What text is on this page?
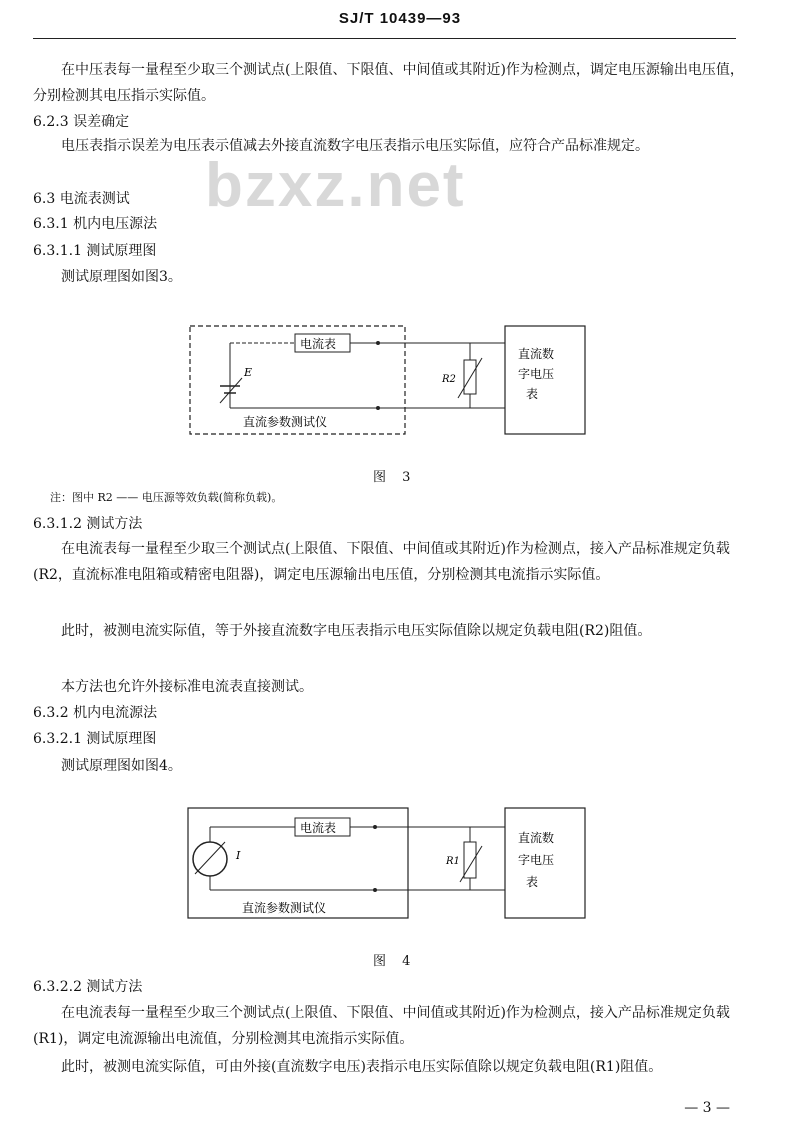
SJ/T 10439—93
bzxz.net
在中压表每一量程至少取三个测试点(上限值、下限值、中间值或其附近)作为检测点，调定电压源输出电压值，分别检测其电压指示实际值。
6.2.3 误差确定
电压表指示误差为电压表示值减去外接直流数字电压表指示电压实际值，应符合产品标准规定。
6.3 电流表测试
6.3.1 机内电压源法
6.3.1.1 测试原理图
测试原理图如图3。
电流表
E
R2
直流数
字电压
表
直流参数测试仪
图 3
注：图中 R2 —— 电压源等效负载(简称负载)。
6.3.1.2 测试方法
在电流表每一量程至少取三个测试点(上限值、下限值、中间值或其附近)作为检测点，接入产品标准规定负载(R2，直流标准电阻箱或精密电阻器)，调定电压源输出电压值，分别检测其电流指示实际值。
此时，被测电流实际值，等于外接直流数字电压表指示电压实际值除以规定负载电阻(R2)阻值。
本方法也允许外接标准电流表直接测试。
6.3.2 机内电流源法
6.3.2.1 测试原理图
测试原理图如图4。
电流表
I	R1
直流数
字电压
表
直流参数测试仪
图 4
6.3.2.2 测试方法
在电流表每一量程至少取三个测试点(上限值、下限值、中间值或其附近)作为检测点，接入产品标准规定负载(R1)，调定电流源输出电流值，分别检测其电流指示实际值。
此时，被测电流实际值，可由外接(直流数字电压)表指示电压实际值除以规定负载电阻(R1)阻值。
— 3 —
